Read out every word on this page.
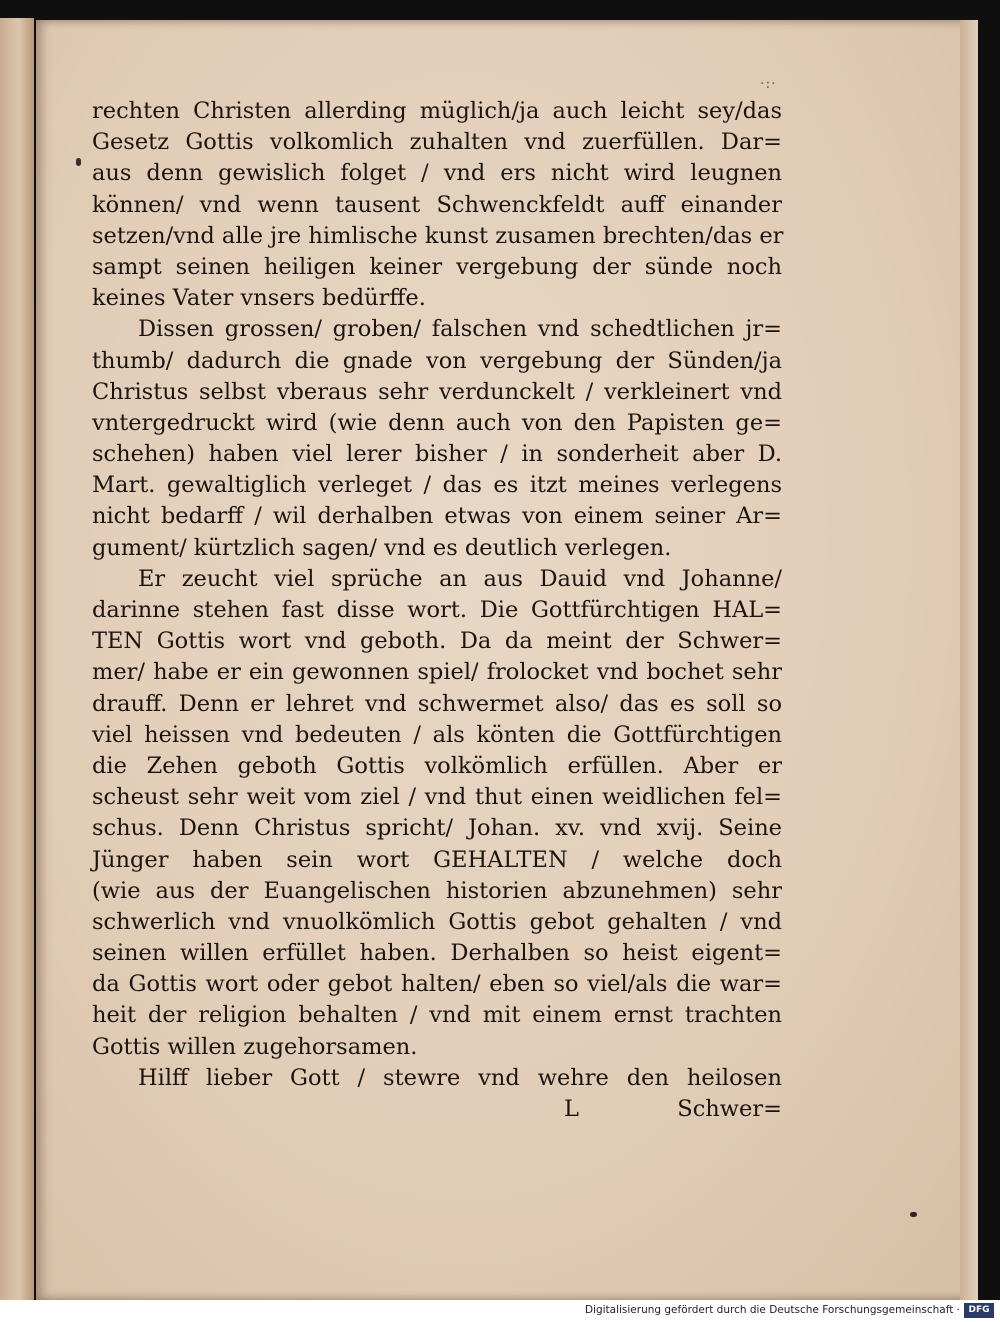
·:·
rechten Christen allerding müglich/ja auch leicht sey/das
Gesetz Gottis volkomlich zuhalten vnd zuerfüllen. Dar=
aus denn gewislich folget / vnd ers nicht wird leugnen
können/ vnd wenn tausent Schwenckfeldt auff einander
setzen/vnd alle jre himlische kunst zusamen brechten/das er
sampt seinen heiligen keiner vergebung der sünde noch
keines Vater vnsers bedürffe.
Dissen grossen/ groben/ falschen vnd schedtlichen jr=
thumb/ dadurch die gnade von vergebung der Sünden/ja
Christus selbst vberaus sehr verdunckelt / verkleinert vnd
vntergedruckt wird (wie denn auch von den Papisten ge=
schehen) haben viel lerer bisher / in sonderheit aber D.
Mart. gewaltiglich verleget / das es itzt meines verlegens
nicht bedarff / wil derhalben etwas von einem seiner Ar=
gument/ kürtzlich sagen/ vnd es deutlich verlegen.
Er zeucht viel sprüche an aus Dauid vnd Johanne/
darinne stehen fast disse wort. Die Gottfürchtigen HAL=
TEN Gottis wort vnd geboth. Da da meint der Schwer=
mer/ habe er ein gewonnen spiel/ frolocket vnd bochet sehr
drauff. Denn er lehret vnd schwermet also/ das es soll so
viel heissen vnd bedeuten / als könten die Gottfürchtigen
die Zehen geboth Gottis volkömlich erfüllen. Aber er
scheust sehr weit vom ziel / vnd thut einen weidlichen fel=
schus. Denn Christus spricht/ Johan. xv. vnd xvij. Seine
Jünger haben sein wort GEHALTEN / welche doch
(wie aus der Euangelischen historien abzunehmen) sehr
schwerlich vnd vnuolkömlich Gottis gebot gehalten / vnd
seinen willen erfüllet haben. Derhalben so heist eigent=
da Gottis wort oder gebot halten/ eben so viel/als die war=
heit der religion behalten / vnd mit einem ernst trachten
Gottis willen zugehorsamen.
Hilff lieber Gott / stewre vnd wehre den heilosen
L	Schwer=
Digitalisierung gefördert durch die Deutsche Forschungsgemeinschaft · DFG
